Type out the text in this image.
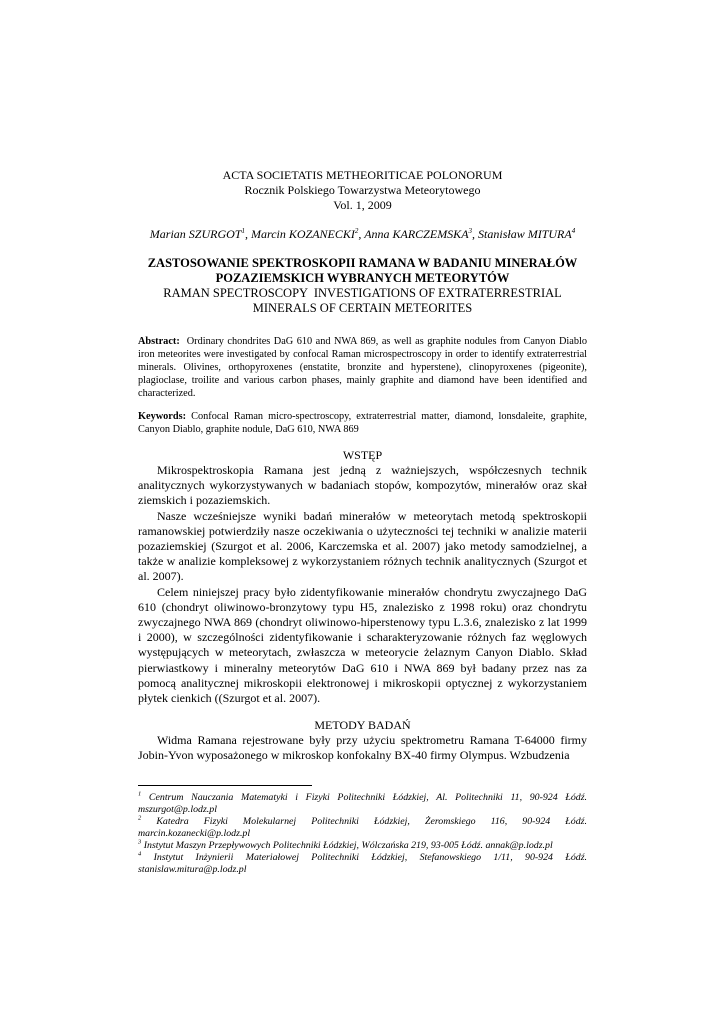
ACTA SOCIETATIS METHEORITICAE POLONORUM
Rocznik Polskiego Towarzystwa Meteorytowego
Vol. 1, 2009
Marian SZURGOT$^1$, Marcin KOZANECKI$^2$, Anna KARCZEMSKA$^3$, Stanisław MITURA$^4$
ZASTOSOWANIE SPEKTROSKOPII RAMANA W BADANIU MINERAŁÓW
POZAZIEMSKICH WYBRANYCH METEORYTÓW
RAMAN SPECTROSCOPY  INVESTIGATIONS OF EXTRATERRESTRIAL
MINERALS OF CERTAIN METEORITES
Abstract: Ordinary chondrites DaG 610 and NWA 869, as well as graphite nodules from Canyon Diablo iron meteorites were investigated by confocal Raman microspectroscopy in order to identify extraterrestrial minerals. Olivines, orthopyroxenes (enstatite, bronzite and hyperstene), clinopyroxenes (pigeonite), plagioclase, troilite and various carbon phases, mainly graphite and diamond have been identified and characterized.
Keywords: Confocal Raman micro-spectroscopy, extraterrestrial matter, diamond, lonsdaleite, graphite, Canyon Diablo, graphite nodule, DaG 610, NWA 869
WSTĘP

Mikrospektroskopia Ramana jest jedną z ważniejszych, współczesnych technik analitycznych wykorzystywanych w badaniach stopów, kompozytów, minerałów oraz skał ziemskich i pozaziemskich.

Nasze wcześniejsze wyniki badań minerałów w meteorytach metodą spektroskopii ramanowskiej potwierdziły nasze oczekiwania o użyteczności tej techniki w analizie materii pozaziemskiej (Szurgot et al. 2006, Karczemska et al. 2007) jako metody samodzielnej, a także w analizie kompleksowej z wykorzystaniem różnych technik analitycznych (Szurgot et al. 2007).

Celem niniejszej pracy było zidentyfikowanie minerałów chondrytu zwyczajnego DaG 610 (chondryt oliwinowo-bronzytowy typu H5, znalezisko z 1998 roku) oraz chondrytu zwyczajnego NWA 869 (chondryt oliwinowo-hiperstenowy typu L.3.6, znalezisko z lat 1999 i 2000), w szczególności zidentyfikowanie i scharakteryzowanie różnych faz węglowych występujących w meteorytach, zwłaszcza w meteorycie żelaznym Canyon Diablo. Skład pierwiastkowy i mineralny meteorytów DaG 610 i NWA 869 był badany przez nas za pomocą analitycznej mikroskopii elektronowej i mikroskopii optycznej z wykorzystaniem płytek cienkich ((Szurgot et al. 2007).

METODY BADAŃ

Widma Ramana rejestrowane były przy użyciu spektrometru Ramana T-64000 firmy Jobin-Yvon wyposażonego w mikroskop konfokalny BX-40 firmy Olympus. Wzbudzenia

$^1$ Centrum Nauczania Matematyki i Fizyki Politechniki Łódzkiej, Al. Politechniki 11, 90-924 Łódź. mszurgot@p.lodz.pl

$^2$ Katedra Fizyki Molekularnej Politechniki Łódzkiej, Żeromskiego 116, 90-924 Łódź. marcin.kozanecki@p.lodz.pl

$^3$ Instytut Maszyn Przepływowych Politechniki Łódzkiej, Wólczańska 219, 93-005 Łódź. annak@p.lodz.pl

$^4$ Instytut Inżynierii Materiałowej Politechniki Łódzkiej, Stefanowskiego 1/11, 90-924 Łódź. stanislaw.mitura@p.lodz.pl
